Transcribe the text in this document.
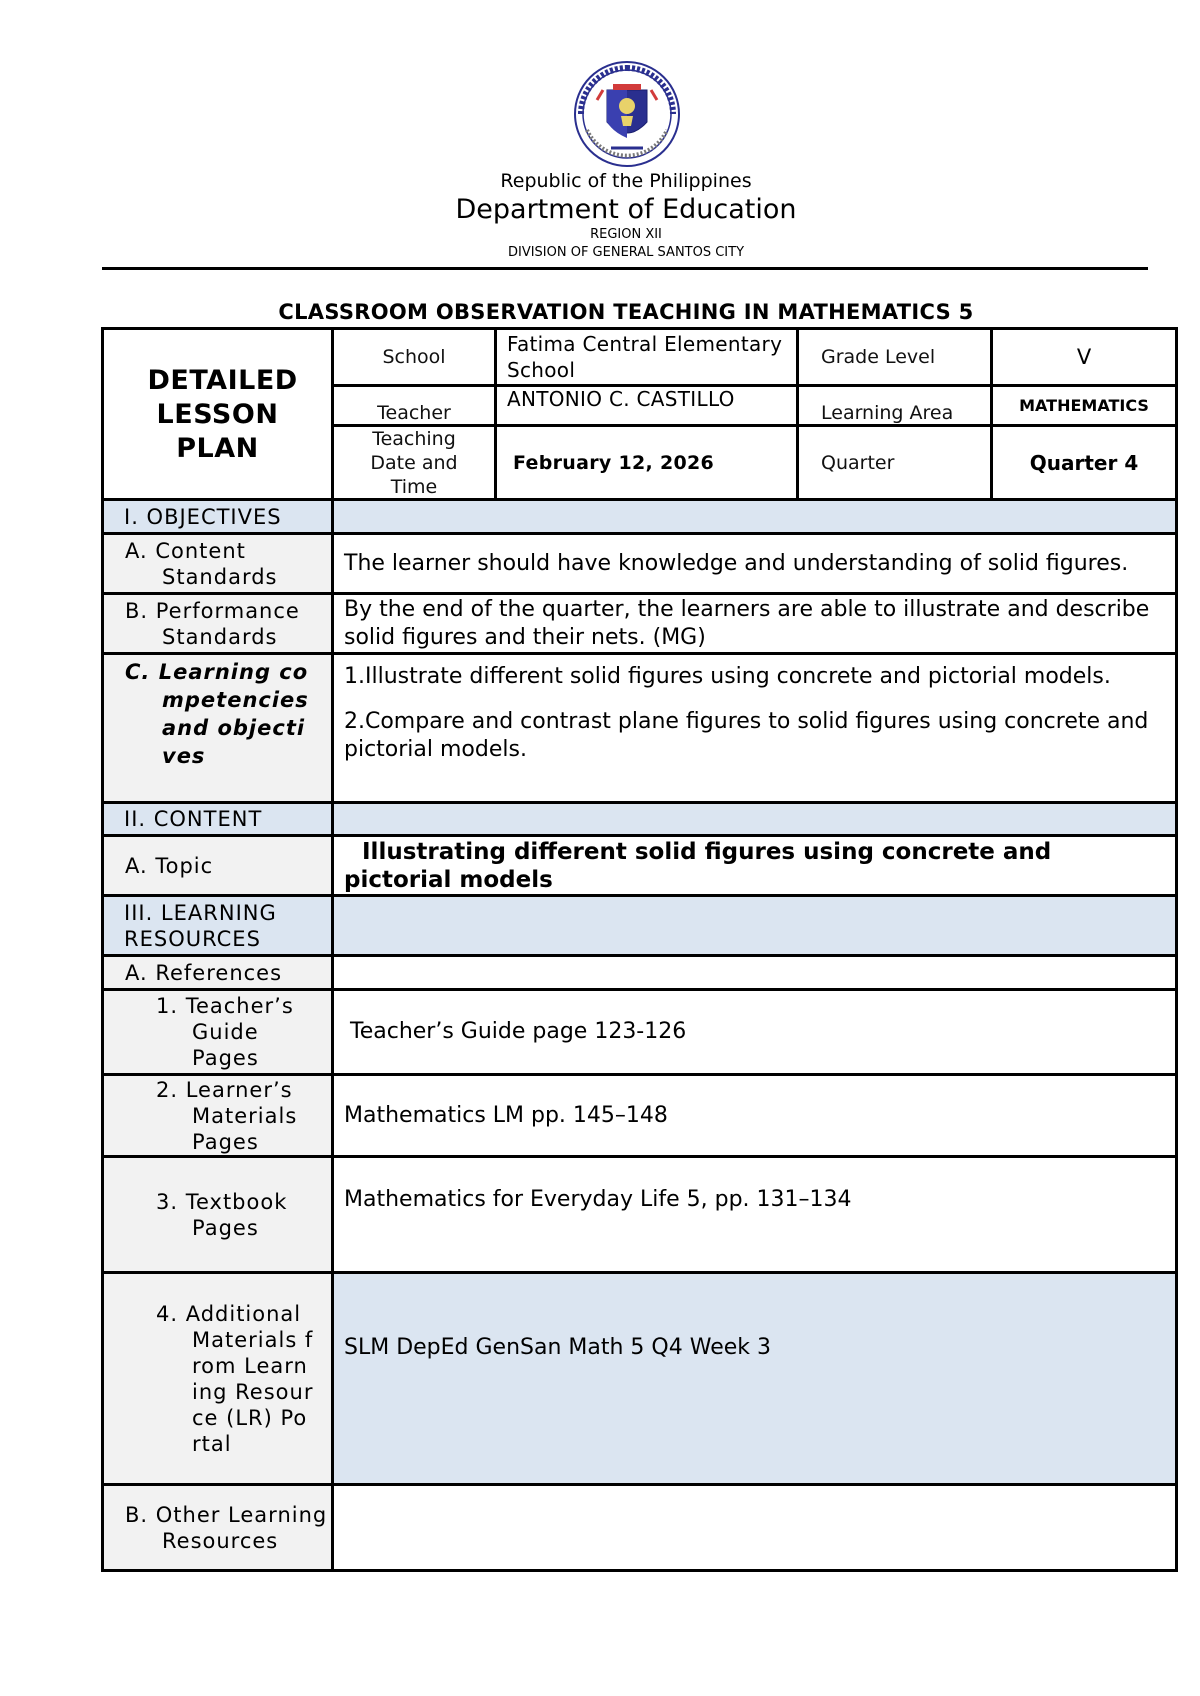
Republic of the Philippines
Department of Education
REGION XII
DIVISION OF GENERAL SANTOS CITY
CLASSROOM OBSERVATION TEACHING IN MATHEMATICS 5
DETAILED LESSON PLAN	School	Fatima Central Elementary School	Grade Level	V
	Teacher	ANTONIO C. CASTILLO	Learning Area	MATHEMATICS

	Teaching Date and Time	February 12, 2026	Quarter	Quarter 4
I. OBJECTIVES	
A. Content Standards	The learner should have knowledge and understanding of solid figures.

B. Performance Standards	By the end of the quarter, the learners are able to illustrate and describe solid figures and their nets. (MG)

C. Learning competencies and objectives	1.Illustrate different solid figures using concrete and pictorial models.

2.Compare and contrast plane figures to solid figures using concrete and pictorial models.

II. CONTENT	
A. Topic	Illustrating different solid figures using concrete and pictorial models
III. LEARNING RESOURCES	
A. References	
1. Teacher’s Guide Pages	Teacher’s Guide page 123-126
2. Learner’s Materials Pages	Mathematics LM pp. 145–148

3. Textbook Pages	Mathematics for Everyday Life 5, pp. 131–134

4. Additional Materials from Learning Resource (LR) Portal	SLM DepEd GenSan Math 5 Q4 Week 3
B. Other Learning Resources	
